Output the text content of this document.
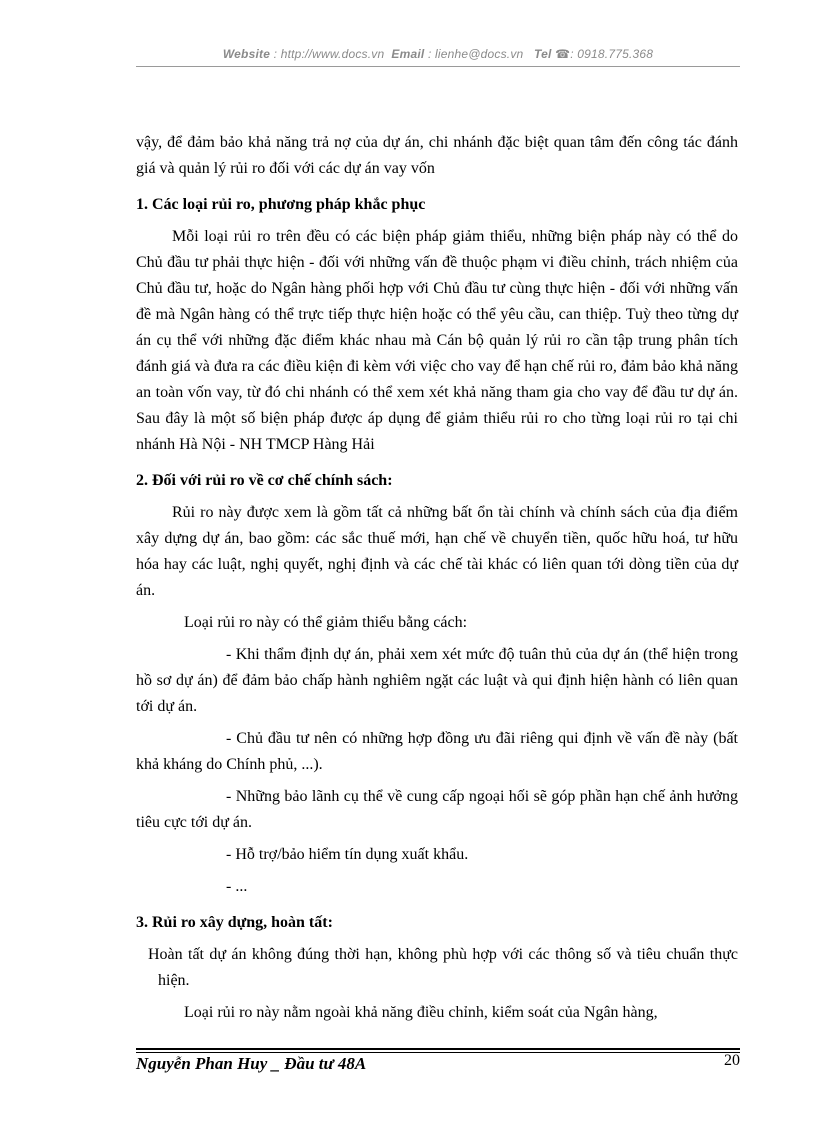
Website : http://www.docs.vn Email : lienhe@docs.vn Tel ☎: 0918.775.368

vậy, để đảm bảo khả năng trả nợ của dự án, chi nhánh đặc biệt quan tâm đến công tác đánh giá và quản lý rủi ro đối với các dự án vay vốn

1. Các loại rủi ro, phương pháp khắc phục

Mỗi loại rủi ro trên đều có các biện pháp giảm thiểu, những biện pháp này có thể do Chủ đầu tư phải thực hiện - đối với những vấn đề thuộc phạm vi điều chỉnh, trách nhiệm của Chủ đầu tư, hoặc do Ngân hàng phối hợp với Chủ đầu tư cùng thực hiện - đối với những vấn đề mà Ngân hàng có thể trực tiếp thực hiện hoặc có thể yêu cầu, can thiệp. Tuỳ theo từng dự án cụ thể với những đặc điểm khác nhau mà Cán bộ quản lý rủi ro cần tập trung phân tích đánh giá và đưa ra các điều kiện đi kèm với việc cho vay để hạn chế rủi ro, đảm bảo khả năng an toàn vốn vay, từ đó chi nhánh có thể xem xét khả năng tham gia cho vay để đầu tư dự án. Sau đây là một số biện pháp được áp dụng để giảm thiểu rủi ro cho từng loại rủi ro tại chi nhánh Hà Nội - NH TMCP Hàng Hải

2. Đối với rủi ro về cơ chế chính sách:

Rủi ro này được xem là gồm tất cả những bất ổn tài chính và chính sách của địa điểm xây dựng dự án, bao gồm: các sắc thuế mới, hạn chế về chuyển tiền, quốc hữu hoá, tư hữu hóa hay các luật, nghị quyết, nghị định và các chế tài khác có liên quan tới dòng tiền của dự án.

Loại rủi ro này có thể giảm thiểu bằng cách:

- Khi thẩm định dự án, phải xem xét mức độ tuân thủ của dự án (thể hiện trong hồ sơ dự án) để đảm bảo chấp hành nghiêm ngặt các luật và qui định hiện hành có liên quan tới dự án.

- Chủ đầu tư nên có những hợp đồng ưu đãi riêng qui định về vấn đề này (bất khả kháng do Chính phủ, ...).

- Những bảo lãnh cụ thể về cung cấp ngoại hối sẽ góp phần hạn chế ảnh hưởng tiêu cực tới dự án.

- Hỗ trợ/bảo hiểm tín dụng xuất khẩu.

- ...

3. Rủi ro xây dựng, hoàn tất:

Hoàn tất dự án không đúng thời hạn, không phù hợp với các thông số và tiêu chuẩn thực hiện.

Loại rủi ro này nằm ngoài khả năng điều chỉnh, kiểm soát của Ngân hàng,

Nguyễn Phan Huy _ Đầu tư 48A	20
